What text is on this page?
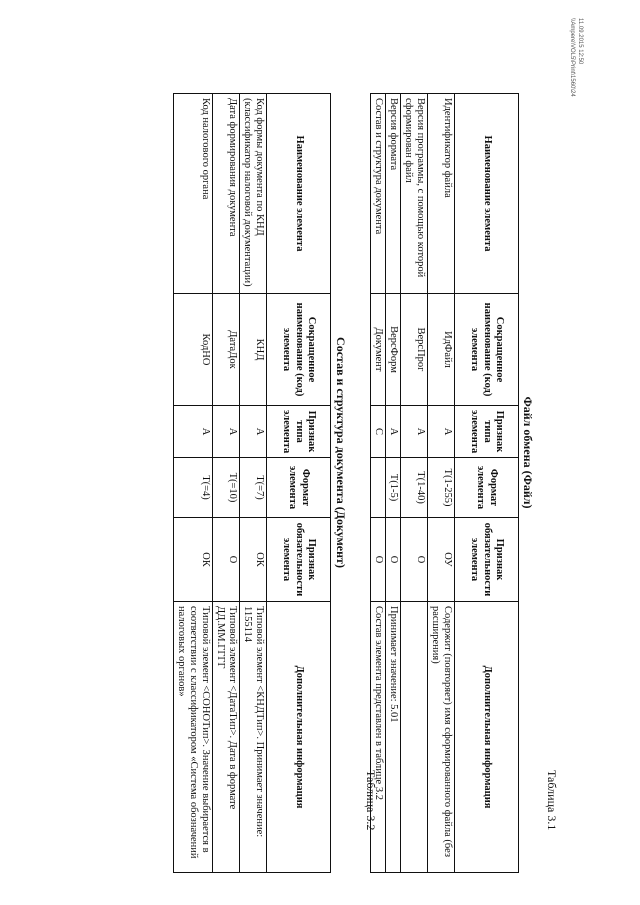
Таблица 3.1
Файл обмена (Файл)
Наименование элемента	Сокращенное наименование (код) элемента	Признак типа элемента	Формат элемента	Признак обязательности элемента	Дополнительная информация
Идентификатор файла	ИдФайл	А	T(1-255)	ОУ	Содержит (повторяет) имя сформированного файла (без расширения)
Версия программы, с помощью которой сформирован файл	ВерсПрог	А	T(1-40)	О	
Версия формата	ВерсФорм	А	T(1-5)	О	Принимает значение: 5.01
Состав и структура документа	Документ	С		О	Состав элемента представлен в таблице 3.2
Таблица 3.2
Состав и структура документа (Документ)
Наименование элемента	Сокращенное наименование (код) элемента	Признак типа элемента	Формат элемента	Признак обязательности элемента	Дополнительная информация
Код формы документа по КНД (классификатор налоговой документации)	КНД	А	T(=7)	ОК	Типовой элемент <КНДТип>. Принимает значение: 1155114
Дата формирования документа	ДатаДок	А	T(=10)	О	Типовой элемент <ДатаТип>. Дата в формате ДД.ММ.ГГГГ
Код налогового органа	КодНО	А	T(=4)	ОК	Типовой элемент <СОНОТип>. Значение выбирается в соответствии с классификатором «Система обозначений налоговых органов»
11.09.2015 12:50
\\Ampere\VOL5\Print\1560\24
